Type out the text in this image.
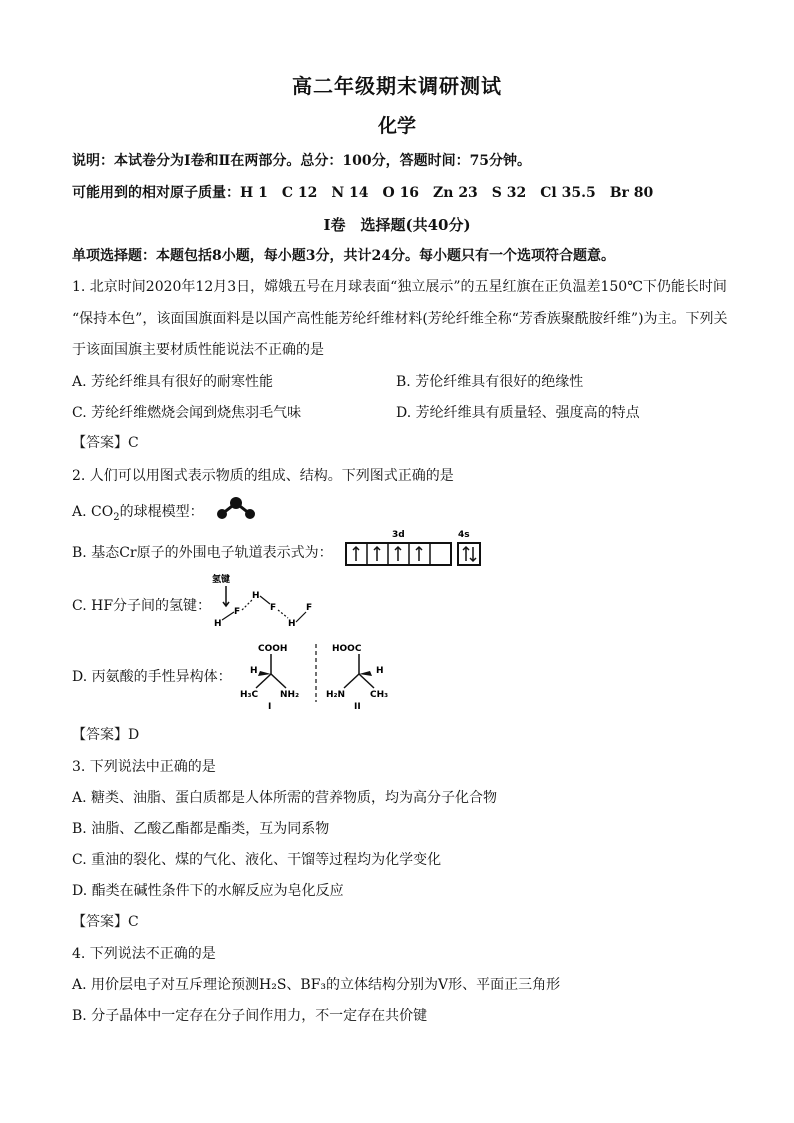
高二年级期末调研测试
化学
说明：本试卷分为Ⅰ卷和Ⅱ在两部分。总分：100分，答题时间：75分钟。
可能用到的相对原子质量：H 1　C 12　N 14　O 16　Zn 23　S 32　Cl 35.5　Br 80
Ⅰ卷　选择题(共40分)
单项选择题：本题包括8小题，每小题3分，共计24分。每小题只有一个选项符合题意。
1. 北京时间2020年12月3日，嫦娥五号在月球表面“独立展示”的五星红旗在正负温差150℃下仍能长时间
“保持本色”，该面国旗面料是以国产高性能芳纶纤维材料(芳纶纤维全称“芳香族聚酰胺纤维”)为主。下列关
于该面国旗主要材质性能说法不正确的是
A. 芳纶纤维具有很好的耐寒性能	B. 芳伦纤维具有很好的绝缘性
C. 芳纶纤维燃烧会闻到烧焦羽毛气味	D. 芳纶纤维具有质量轻、强度高的特点
【答案】C
2. 人们可以用图式表示物质的组成、结构。下列图式正确的是
A. $CO_2$的球棍模型：
B. 基态Cr原子的外围电子轨道表示式为：
3d	4s
C. HF分子间的氢键：
氢键
H
F
H
F
H
F
D. 丙氨酸的手性异构体：
COOH
H
H₃C NH₂
I
HOOC
H
H₂N	CH₃
II
【答案】D
3. 下列说法中正确的是
A. 糖类、油脂、蛋白质都是人体所需的营养物质，均为高分子化合物
B. 油脂、乙酸乙酯都是酯类，互为同系物
C. 重油的裂化、煤的气化、液化、干馏等过程均为化学变化
D. 酯类在碱性条件下的水解反应为皂化反应
【答案】C
4. 下列说法不正确的是
A. 用价层电子对互斥理论预测H₂S、BF₃的立体结构分别为V形、平面正三角形
B. 分子晶体中一定存在分子间作用力，不一定存在共价键
